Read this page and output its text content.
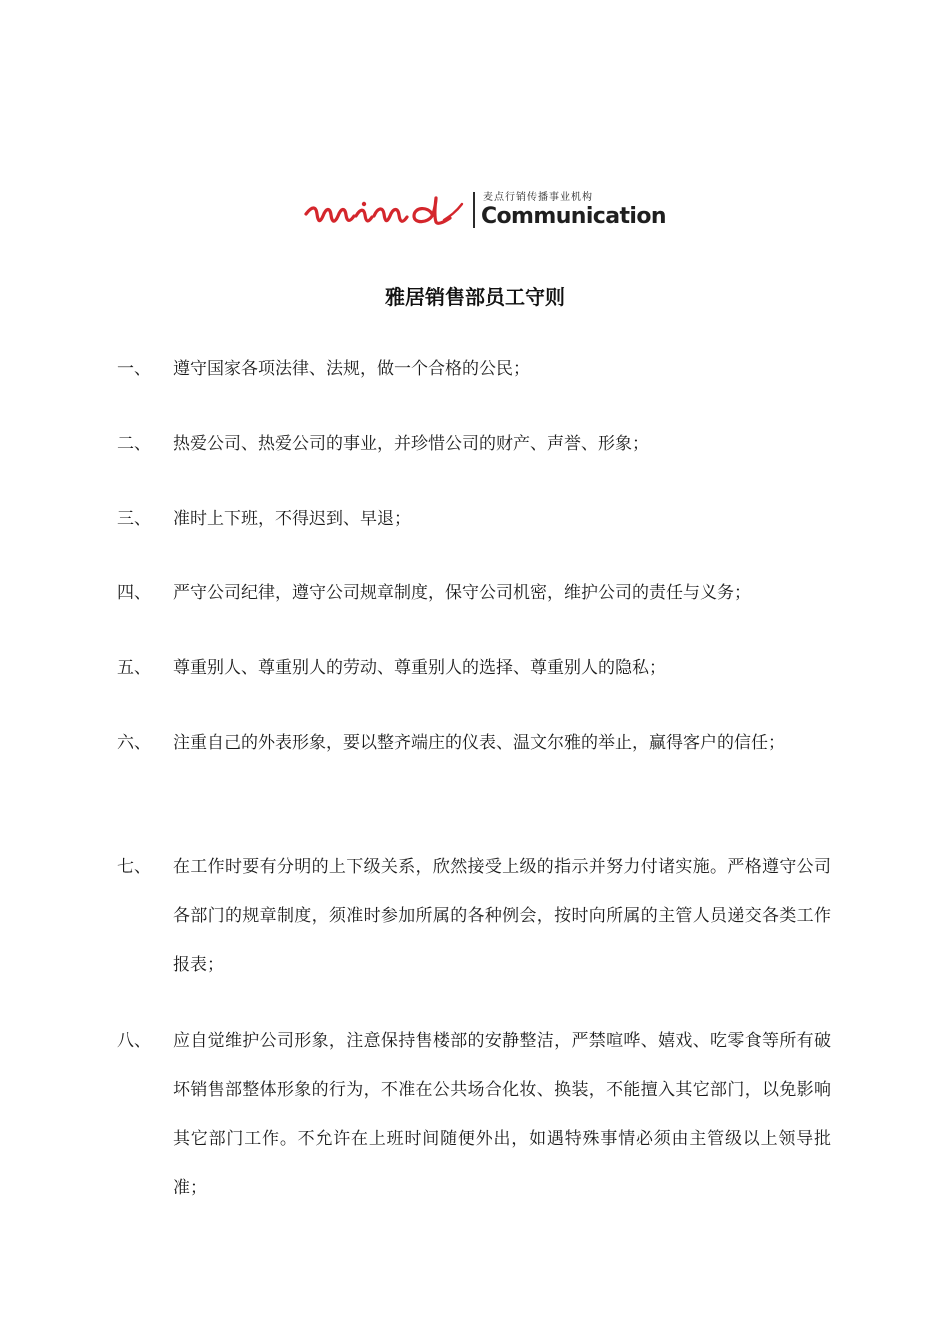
麦点行销传播事业机构
Communication
雅居销售部员工守则
一、 遵守国家各项法律、法规，做一个合格的公民；
二、 热爱公司、热爱公司的事业，并珍惜公司的财产、声誉、形象；
三、 准时上下班，不得迟到、早退；
四、 严守公司纪律，遵守公司规章制度，保守公司机密，维护公司的责任与义务；
五、 尊重别人、尊重别人的劳动、尊重别人的选择、尊重别人的隐私；
六、 注重自己的外表形象，要以整齐端庄的仪表、温文尔雅的举止，赢得客户的信任；
七、 在工作时要有分明的上下级关系，欣然接受上级的指示并努力付诸实施。严格遵守公司各部门的规章制度，须准时参加所属的各种例会，按时向所属的主管人员递交各类工作报表；
八、 应自觉维护公司形象，注意保持售楼部的安静整洁，严禁喧哗、嬉戏、吃零食等所有破坏销售部整体形象的行为，不准在公共场合化妆、换装，不能擅入其它部门，以免影响其它部门工作。不允许在上班时间随便外出，如遇特殊事情必须由主管级以上领导批准；
